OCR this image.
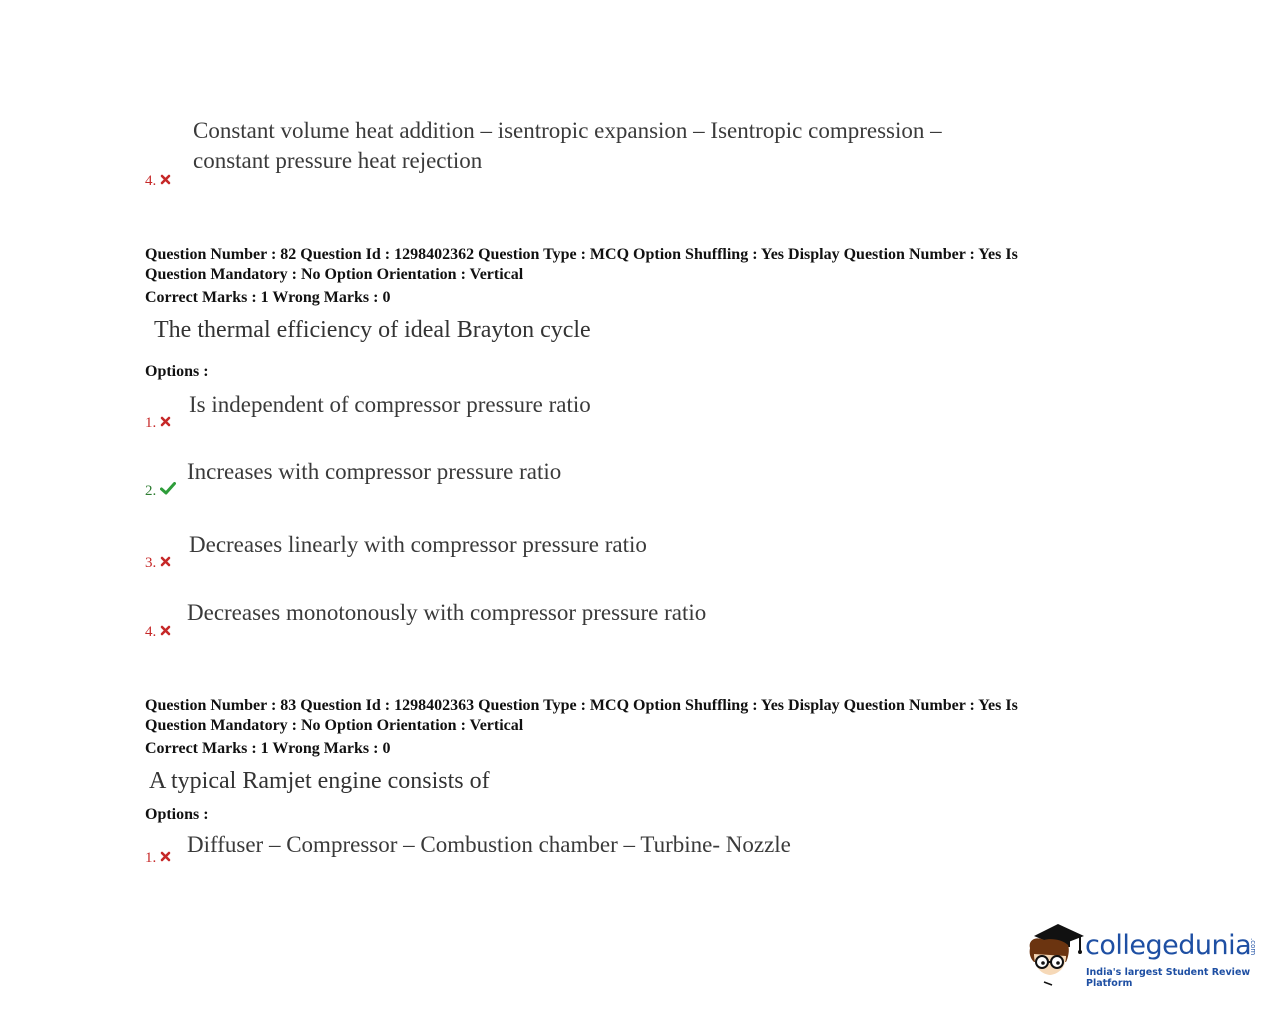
Constant volume heat addition – isentropic expansion – Isentropic compression –
constant pressure heat rejection
4.
Question Number : 82 Question Id : 1298402362 Question Type : MCQ Option Shuffling : Yes Display Question Number : Yes Is
Question Mandatory : No Option Orientation : Vertical
Correct Marks : 1 Wrong Marks : 0
The thermal efficiency of ideal Brayton cycle
Options :
Is independent of compressor pressure ratio
1.
Increases with compressor pressure ratio
2.
Decreases linearly with compressor pressure ratio
3.
Decreases monotonously with compressor pressure ratio
4.
Question Number : 83 Question Id : 1298402363 Question Type : MCQ Option Shuffling : Yes Display Question Number : Yes Is
Question Mandatory : No Option Orientation : Vertical
Correct Marks : 1 Wrong Marks : 0
A typical Ramjet engine consists of
Options :
Diffuser – Compressor – Combustion chamber – Turbine- Nozzle
1.
collegedunia
.com
India's largest Student Review Platform
